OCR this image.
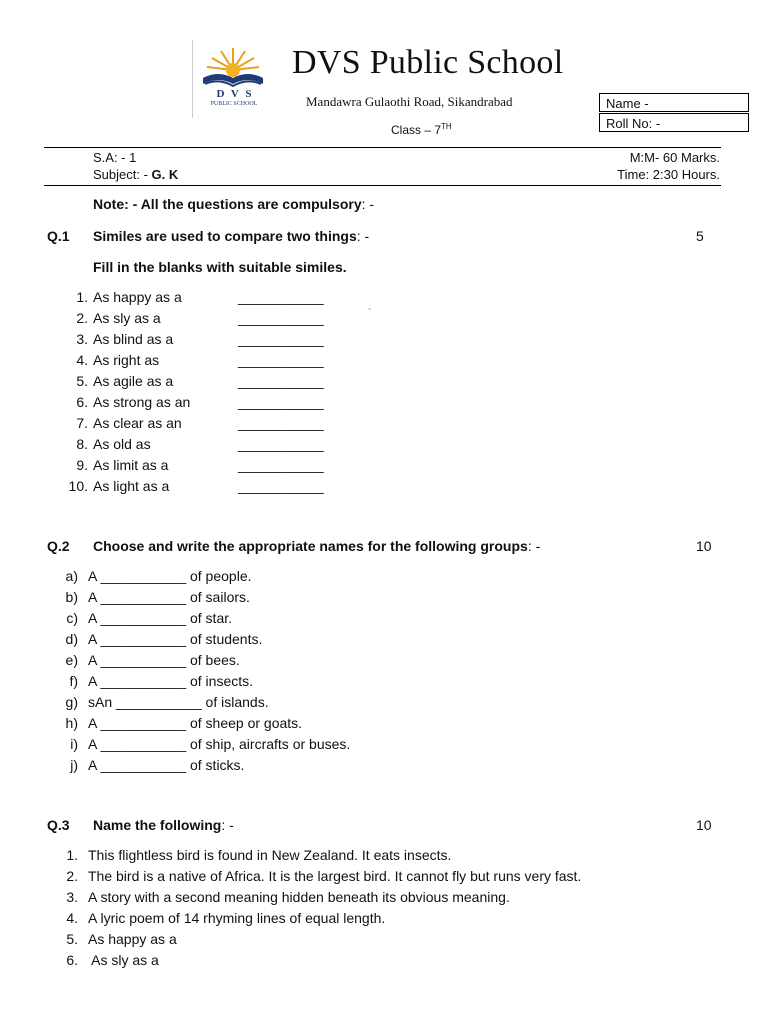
D V S
PUBLIC SCHOOL
DVS Public School
Mandawra Gulaothi Road, Sikandrabad
Class – 7TH
Name -
Roll No: -
S.A: - 1
Subject: - G. K
M:M- 60 Marks.
Time: 2:30 Hours.
Note: - All the questions are compulsory: -
Q.1 Similes are used to compare two things: -	5
Fill in the blanks with suitable similes.
`
1. As happy as a	___________
2. As sly as a	___________
3. As blind as a	___________
4. As right as	___________
5. As agile as a	___________
6. As strong as an	___________
7. As clear as an	___________
8. As old as	___________
9. As limit as a	___________
10. As light as a	___________
Q.2 Choose and write the appropriate names for the following groups: -	10
a) A ___________ of people.
b) A ___________ of sailors.
c) A ___________ of star.
d) A ___________ of students.
e) A ___________ of bees.
f) A ___________ of insects.
g) sAn ___________ of islands.
h) A ___________ of sheep or goats.
i) A ___________ of ship, aircrafts or buses.
j) A ___________ of sticks.
Q.3 Name the following: -	10
1. This flightless bird is found in New Zealand. It eats insects.
2. The bird is a native of Africa. It is the largest bird. It cannot fly but runs very fast.
3. A story with a second meaning hidden beneath its obvious meaning.
4. A lyric poem of 14 rhyming lines of equal length.
5. As happy as a
6. As sly as a
